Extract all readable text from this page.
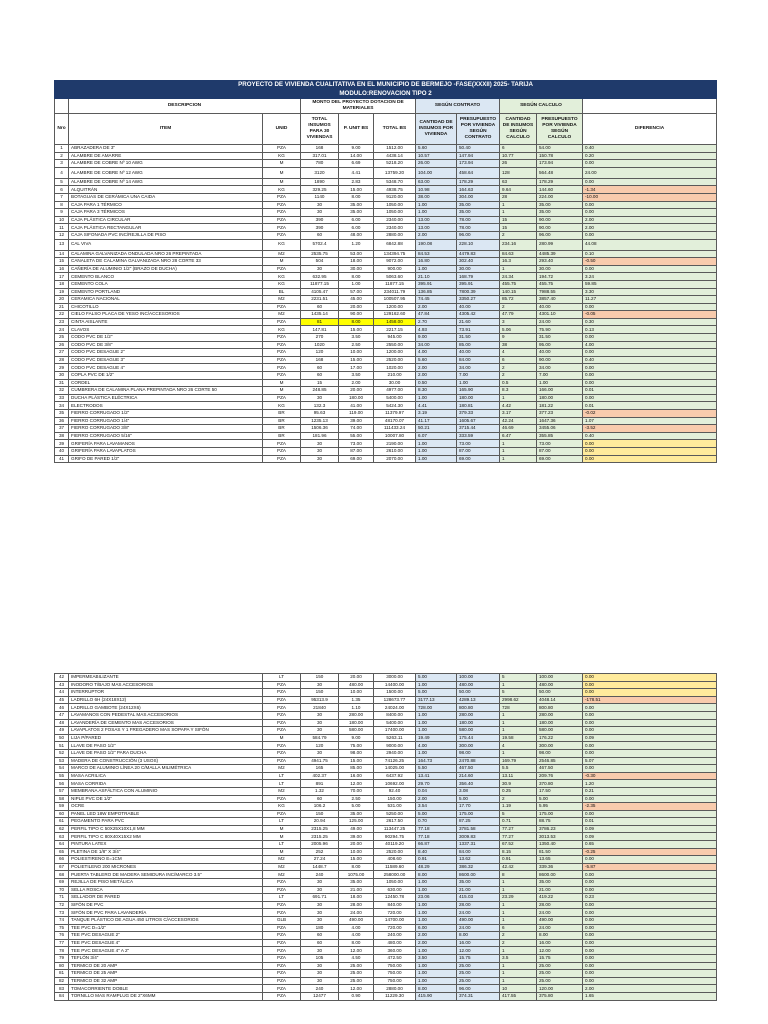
PROYECTO DE VIVIENDA CUALITATIVA EN EL MUNICIPIO DE BERMEJO -FASE(XXXII) 2025- TARIJA										
MODULO:RENOVACION TIPO 2										
	DESCRIPCION		MONTO DEL PROYECTO DOTACION DE MATERIALES			SEGÚN CONTRATO		SEGÚN CALCULO		
Nro	ITEM	UNID	TOTAL INSUMOS PARA 30 VIVIENDAS	P. UNIT BS	TOTAL BS	CANTIDAD DE INSUMOS POR VIVIENDA	PRESUPUESTO POR VIVIENDA SEGÚN CONTRATO	CANTIDAD DE INSUMOS SEGÚN CALCULO	PRESUPUESTO POR VIVIENDA SEGÚN CALCULO	DIFERENCIA
1	ABRAZADERA DE 3"	PZA	168	9.00	1512.00	5.60	50.40	6	54.00	0.40
2	ALAMBRE DE AMARRE	KG	317.01	14.00	4438.14	10.57	147.94	10.77	150.78	0.20
3	ALAMBRE DE COBRE Nº 10 AWG	M	780	6.69	5218.20	26.00	173.94	26	173.94	0.00
4	ALAMBRE DE COBRE Nº 12 AWG	M	3120	4.41	13759.20	104.00	458.64	128	564.48	24.00
5	ALAMBRE DE COBRE Nº 14 AWG	M	1890	2.83	5348.70	63.00	178.29	63	178.29	0.00
6	ALQUITRÁN	KG	329.25	15.00	4938.75	10.98	164.63	9.64	144.60	-1.34
7	BOTAGUAS DE CERÁMICA UNA CAIDA	PZA	1140	8.00	9120.00	38.00	304.00	28	224.00	-10.00
8	CAJA PARA 1 TÉRMICO	PZA	30	35.00	1050.00	1.00	35.00	1	35.00	0.00
9	CAJA PARA 3 TÉRMICOS	PZA	30	35.00	1050.00	1.00	35.00	1	35.00	0.00
10	CAJA PLÁSTICA CIRCULAR	PZA	390	6.00	2340.00	13.00	78.00	15	90.00	2.00
11	CAJA PLÁSTICA RECTANGULAR	PZA	390	6.00	2340.00	13.00	78.00	15	90.00	2.00
12	CAJA SIFONADA PVC INC/REJILLA DE PISO	PZA	60	48.00	2880.00	2.00	96.00	2	96.00	0.00
13	CAL VIVA	KG	5702.4	1.20	6842.88	190.08	228.10	234.16	280.99	44.08
14	CALAMINA GALVANIZADA ONDULADA NRO 26 PREPINTADA	M2	2535.75	53.00	134394.75	84.53	4479.83	84.63	4485.39	0.10
15	CANALETA DE CALAMINA GALVANIZADA NRO 28 CORTE 33	M	504	18.00	9072.00	16.80	302.40	16.3	293.40	-0.50
16	CAÑERÍA DE ALUMINIO 1/2" (BRAZO DE DUCHA)	PZA	30	30.00	900.00	1.00	30.00	1	30.00	0.00
17	CEMENTO BLANCO	KG	632.95	8.00	5063.60	21.10	168.79	24.34	194.72	3.24
18	CEMENTO COLA	KG	11877.15	1.00	11877.15	395.91	395.91	455.75	455.75	59.85
19	CEMENTO PORTLAND	BL	4105.47	57.00	234011.79	136.85	7800.39	140.15	7988.55	3.30
20	CERAMICA NACIONAL	M2	2231.51	45.00	100507.95	74.45	3350.27	85.72	3857.40	11.27
21	CHICOTILLO	PZA	60	20.00	1200.00	2.00	40.00	2	40.00	0.00
22	CIELO FALSO PLACA DE YESO INC/ACCESORIOS	M2	1435.14	90.00	129162.60	47.84	4305.42	47.79	4301.10	-0.05
23	CINTA AISLANTE	PZA	81	8.00	1458.00	2.70	21.60	3	24.00	0.30
24	CLAVOS	KG	147.81	15.00	2217.15	4.93	73.91	5.06	75.90	0.13
25	CODO PVC DE 1/2"	PZA	270	3.50	945.00	9.00	31.50	9	31.50	0.00
26	CODO PVC DE 3/8"	PZA	1020	2.50	2550.00	34.00	85.00	38	95.00	4.00
27	CODO PVC DESAGUE 2"	PZA	120	10.00	1200.00	4.00	40.00	4	40.00	0.00
28	CODO PVC DESAGUE 3"	PZA	168	15.00	2520.00	5.60	84.00	6	90.00	0.40
29	CODO PVC DESAGUE 4"	PZA	60	17.00	1020.00	2.00	34.00	2	34.00	0.00
30	COPLA PVC DE 1/2"	PZA	60	3.50	210.00	2.00	7.00	2	7.00	0.00
31	CORDEL	M	15	2.00	30.00	0.50	1.00	0.5	1.00	0.00
32	CUMBRERA DE CALAMINA PLANA PREPINTADA NRO 26 CORTE 50	M	248.85	20.00	4977.00	8.30	165.90	8.3	166.00	0.01
33	DUCHA PLÁSTICA ELÉCTRICA	PZA	30	180.00	5400.00	1.00	180.00	1	180.00	0.00
34	ELECTRODOS	KG	132.3	41.00	5424.30	4.41	180.81	4.42	181.22	0.01
35	FIERRO CORRUGADO 1/2"	BR	95.63	119.00	11379.97	3.19	379.33	3.17	377.23	-0.02
36	FIERRO CORRUGADO 1/4"	BR	1235.13	39.00	48170.07	41.17	1605.67	42.24	1647.36	1.07
37	FIERRO CORRUGADO 3/8"	BR	1506.36	74.00	111433.24	50.21	3715.44	46.69	3455.06	-3.52
38	FIERRO CORRUGADO 5/16"	BR	181.96	55.00	10007.80	6.07	333.59	6.47	355.85	0.40
39	GRIFERÍA PARA LAVAMANOS	PZA	30	73.00	2190.00	1.00	73.00	1	73.00	0.00
40	GRIFERÍA PARA LAVAPLATOS	PZA	30	87.00	2610.00	1.00	87.00	1	87.00	0.00
41	GRIFO DE PARED 1/2"	PZA	30	69.00	2070.00	1.00	69.00	1	69.00	0.00
42	IMPERMEABILIZANTE	LT	150	20.00	3000.00	5.00	100.00	5	100.00	0.00
43	INODORO T/BAJO MAS ACCESORIOS	PZA	30	480.00	14400.00	1.00	480.00	1	480.00	0.00
44	INTERRUPTOR	PZA	150	10.00	1500.00	5.00	50.00	5	50.00	0.00
45	LADRILLO 6H (24X18X12)	PZA	95313.9	1.35	128673.77	3177.13	4289.13	2998.62	4048.14	-178.51
46	LADRILLO GAMBOTE (24X12X6)	PZA	21840	1.10	24024.00	728.00	800.80	728	800.80	0.00
47	LAVAMANOS CON PEDESTAL MAS ACCESORIOS	PZA	30	280.00	8400.00	1.00	280.00	1	280.00	0.00
48	LAVANDERÍA DE CEMENTO MAS ACCESORIOS	PZA	30	180.00	5400.00	1.00	180.00	1	180.00	0.00
49	LAVAPLATOS 2 FOSAS Y 1 FREGADERO MAS SOPAPA Y SIFÓN	PZA	30	580.00	17400.00	1.00	580.00	1	580.00	0.00
50	LIJA P/PARED	M	584.79	9.00	5263.11	19.49	175.44	19.58	176.22	0.09
51	LLAVE DE PASO 1/2"	PZA	120	75.00	9000.00	4.00	300.00	4	300.00	0.00
52	LLAVE DE PASO 1/2" PARA DUCHA	PZA	30	98.00	2940.00	1.00	98.00	1	98.00	0.00
53	MADERA DE CONSTRUCCIÓN (3 USOS)	PZA	4941.75	15.00	74126.25	164.73	2470.88	169.79	2546.85	5.07
54	MARCO DE ALUMINIO LÍNEA 20 C/MALLA MILIMÉTRICA	M2	165	85.00	14025.00	5.50	467.50	5.5	467.50	0.00
55	MASA ACRILICA	LT	402.37	16.00	6437.92	13.41	214.60	13.11	209.76	-0.30
56	MASA CORRIDA	LT	891	12.00	10692.00	29.70	356.40	30.9	370.80	1.20
57	MEMBRANA ASFÁLTICA CON ALUMINIO	M2	1.32	70.00	92.40	0.04	3.08	0.25	17.50	0.21
58	NIPLE PVC DE 1/2"	PZA	60	2.50	150.00	2.00	5.00	2	5.00	0.00
59	OCRE	KG	106.2	5.00	531.00	3.54	17.70	1.19	5.95	-2.35
60	PANEL LED 18W EMPOTRABLE	PZA	150	35.00	5250.00	5.00	175.00	5	175.00	0.00
61	PEGAMENTO PARA PVC	LT	20.94	125.00	2617.50	0.70	87.25	0.71	88.75	0.01
62	PERFIL TIPO C 50X25X10X1,8 MM	M	2315.25	49.00	113447.25	77.18	3781.58	77.27	3786.23	0.09
63	PERFIL TIPO C 80X40X15X2 MM	M	2315.25	39.00	90294.75	77.18	3009.83	77.27	3013.53	0.09
64	PINTURA LATEX	LT	2005.96	20.00	40119.20	66.87	1337.31	67.52	1350.40	0.65
65	PLETINA DE 1/8" X 3/4"	M	252	10.00	2520.00	8.40	84.00	8.15	81.50	-0.25
66	POLIESTIRENO E=1CM	M2	27.24	15.00	408.60	0.91	13.62	0.91	13.65	0.00
67	POLIETILENO 200 MICRONES	M2	1448.7	8.00	11589.60	48.29	386.32	42.42	339.36	-5.87
68	PUERTA TABLERO DE MADERA SEMIDURA INC/MARCO 3.5"	M2	240	1075.00	258000.00	8.00	8600.00	8	8600.00	0.00
69	REJILLA DE PISO METÁLICA	PZA	30	35.00	1050.00	1.00	35.00	1	35.00	0.00
70	SELLA ROSCA	PZA	30	21.00	630.00	1.00	21.00	1	21.00	0.00
71	SELLADOR DE PARED	LT	691.71	18.00	12450.78	23.06	415.03	23.29	419.22	0.23
72	SIFÓN DE PVC	PZA	30	28.00	840.00	1.00	28.00	1	28.00	0.00
73	SIFÓN DE PVC PARA LAVANDERÍA	PZA	30	24.00	720.00	1.00	24.00	1	24.00	0.00
74	TANQUE PLÁSTICO DE AGUA 450 LITROS C/ACCESORIOS	GLB	30	490.00	14700.00	1.00	490.00	1	490.00	0.00
75	TEE PVC D=1/2"	PZA	180	4.00	720.00	6.00	24.00	6	24.00	0.00
76	TEE PVC DESAGUE 2"	PZA	60	4.00	240.00	2.00	8.00	2	8.00	0.00
77	TEE PVC DESAGUE 4"	PZA	60	8.00	480.00	2.00	16.00	2	16.00	0.00
78	TEE PVC DESAGUE 4" A 2"	PZA	30	12.00	360.00	1.00	12.00	1	12.00	0.00
79	TEFLÓN 3/4"	PZA	105	4.50	472.50	3.50	15.75	3.5	15.75	0.00
80	TERMICO DE 20 AMP	PZA	30	25.00	750.00	1.00	25.00	1	25.00	0.00
81	TERMICO DE 25 AMP	PZA	30	25.00	750.00	1.00	25.00	1	25.00	0.00
82	TERMICO DE 32 AMP	PZA	30	25.00	750.00	1.00	25.00	1	25.00	0.00
83	TOMACORRIENTE DOBLE	PZA	240	12.00	2880.00	8.00	96.00	10	120.00	2.00
84	TORNILLO MAS RAMPLUG DE 2"X6MM	PZA	12477	0.90	11229.30	415.90	374.31	417.55	375.80	1.65
